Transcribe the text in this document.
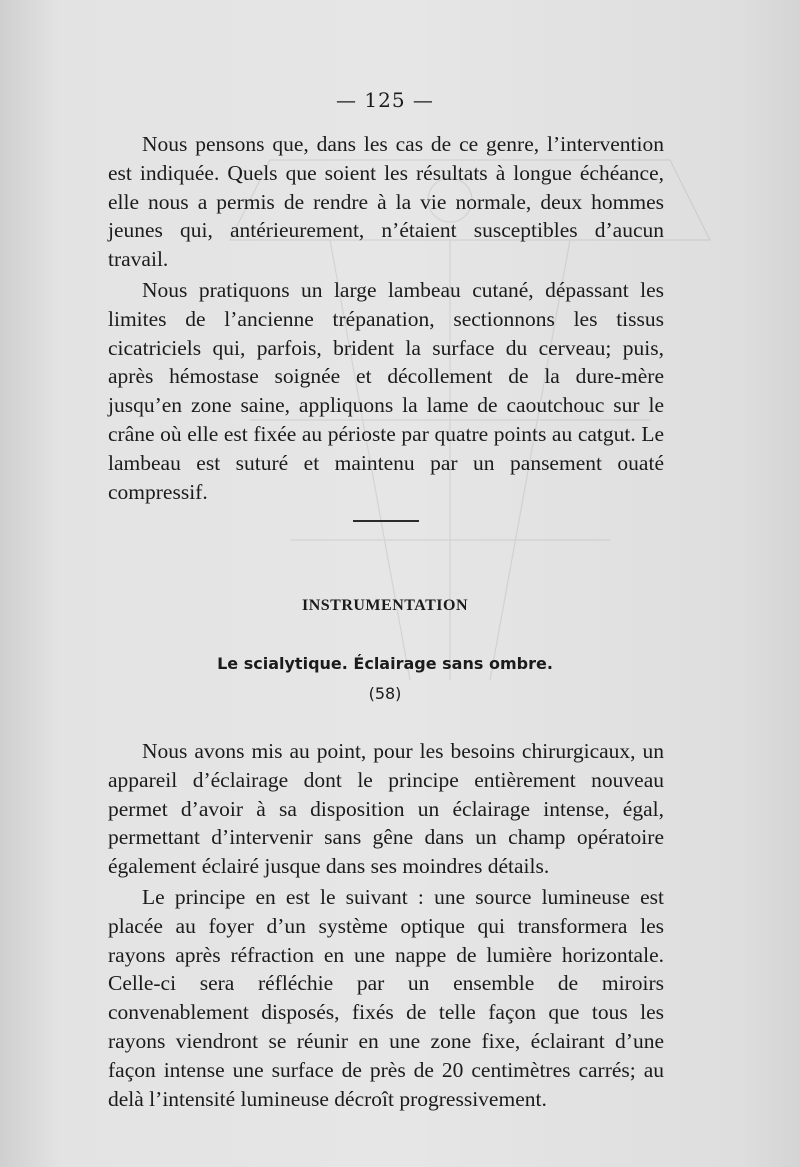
— 125 —

Nous pensons que, dans les cas de ce genre, l’intervention est indiquée. Quels que soient les résultats à longue échéance, elle nous a permis de rendre à la vie normale, deux hommes jeunes qui, antérieurement, n’étaient susceptibles d’aucun travail.

Nous pratiquons un large lambeau cutané, dépassant les limites de l’ancienne trépanation, sectionnons les tissus cicatriciels qui, parfois, brident la surface du cerveau; puis, après hémostase soignée et décollement de la dure-mère jusqu’en zone saine, appliquons la lame de caoutchouc sur le crâne où elle est fixée au périoste par quatre points au catgut. Le lambeau est suturé et maintenu par un pansement ouaté compressif.

INSTRUMENTATION
Le scialytique. Éclairage sans ombre.
(58)

Nous avons mis au point, pour les besoins chirurgicaux, un appareil d’éclairage dont le principe entièrement nouveau permet d’avoir à sa disposition un éclairage intense, égal, permettant d’intervenir sans gêne dans un champ opératoire également éclairé jusque dans ses moindres détails.

Le principe en est le suivant : une source lumineuse est placée au foyer d’un système optique qui transformera les rayons après réfraction en une nappe de lumière horizontale. Celle-ci sera réfléchie par un ensemble de miroirs convenablement disposés, fixés de telle façon que tous les rayons viendront se réunir en une zone fixe, éclairant d’une façon intense une surface de près de 20 centimètres carrés; au delà l’intensité lumineuse décroît progressivement.
